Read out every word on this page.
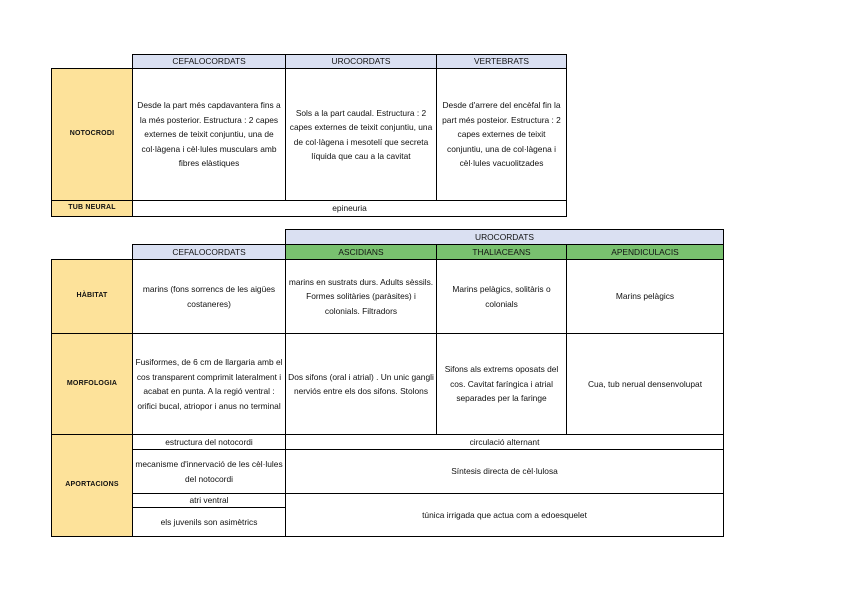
	CEFALOCORDATS	UROCORDATS	VERTEBRATS
NOTOCRODI	Desde la part més capdavantera fins a la més posterior. Estructura : 2 capes externes de teixit conjuntiu, una de col·làgena i cèl·lules musculars amb fibres elàstiques	Sols a la part caudal. Estructura : 2 capes externes de teixit conjuntiu, una de col·làgena i mesotelí que secreta líquida que cau a la cavitat	Desde d'arrere del encèfal fin la part més posteior. Estructura : 2 capes externes de teixit conjuntiu, una de col·làgena i cèl·lules vacuolitzades
TUB NEURAL	epineuria		
		UROCORDATS		
	CEFALOCORDATS	ASCIDIANS	THALIACEANS	APENDICULACIS
HÀBITAT	marins (fons sorrencs de les aigües costaneres)	marins en sustrats durs. Adults sèssils. Formes solitàries (paràsites) i colonials. Filtradors	Marins pelàgics, solitàris o colonials	Marins pelàgics
MORFOLOGIA	Fusiformes, de 6 cm de llargaria amb el cos transparent comprimit lateralment i acabat en punta. A la regió ventral : orifici bucal, atriopor i anus no terminal	Dos sifons (oral i atrial) . Un unic gangli nerviós entre els dos sifons. Stolons	Sifons als extrems oposats del cos. Cavitat faríngica i atrial separades per la faringe	Cua, tub nerual densenvolupat
APORTACIONS	estructura del notocordi	circulació alternant		
	mecanisme d'innervació de les cèl·lules del notocordi	Síntesis directa de cèl·lulosa		
	atri ventral	túnica irrigada que actua com a edoesquelet		
	els juvenils son asimètrics			
